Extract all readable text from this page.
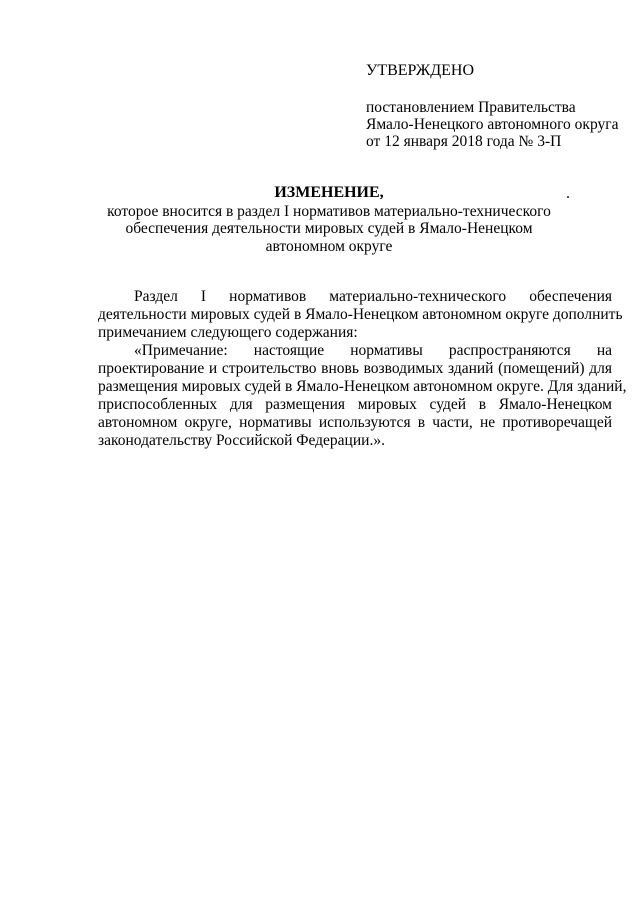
УТВЕРЖДЕНО
постановлением Правительства
Ямало-Ненецкого автономного округа
от 12 января 2018 года № 3-П
ИЗМЕНЕНИЕ,
которое вносится в раздел I нормативов материально-технического
обеспечения деятельности мировых судей в Ямало-Ненецком
автономном округе
Раздел I нормативов материально-технического обеспечения
деятельности мировых судей в Ямало-Ненецком автономном округе дополнить
примечанием следующего содержания:
«Примечание: настоящие нормативы распространяются на
проектирование и строительство вновь возводимых зданий (помещений) для
размещения мировых судей в Ямало-Ненецком автономном округе. Для зданий,
приспособленных для размещения мировых судей в Ямало-Ненецком
автономном округе, нормативы используются в части, не противоречащей
законодательству Российской Федерации.».
